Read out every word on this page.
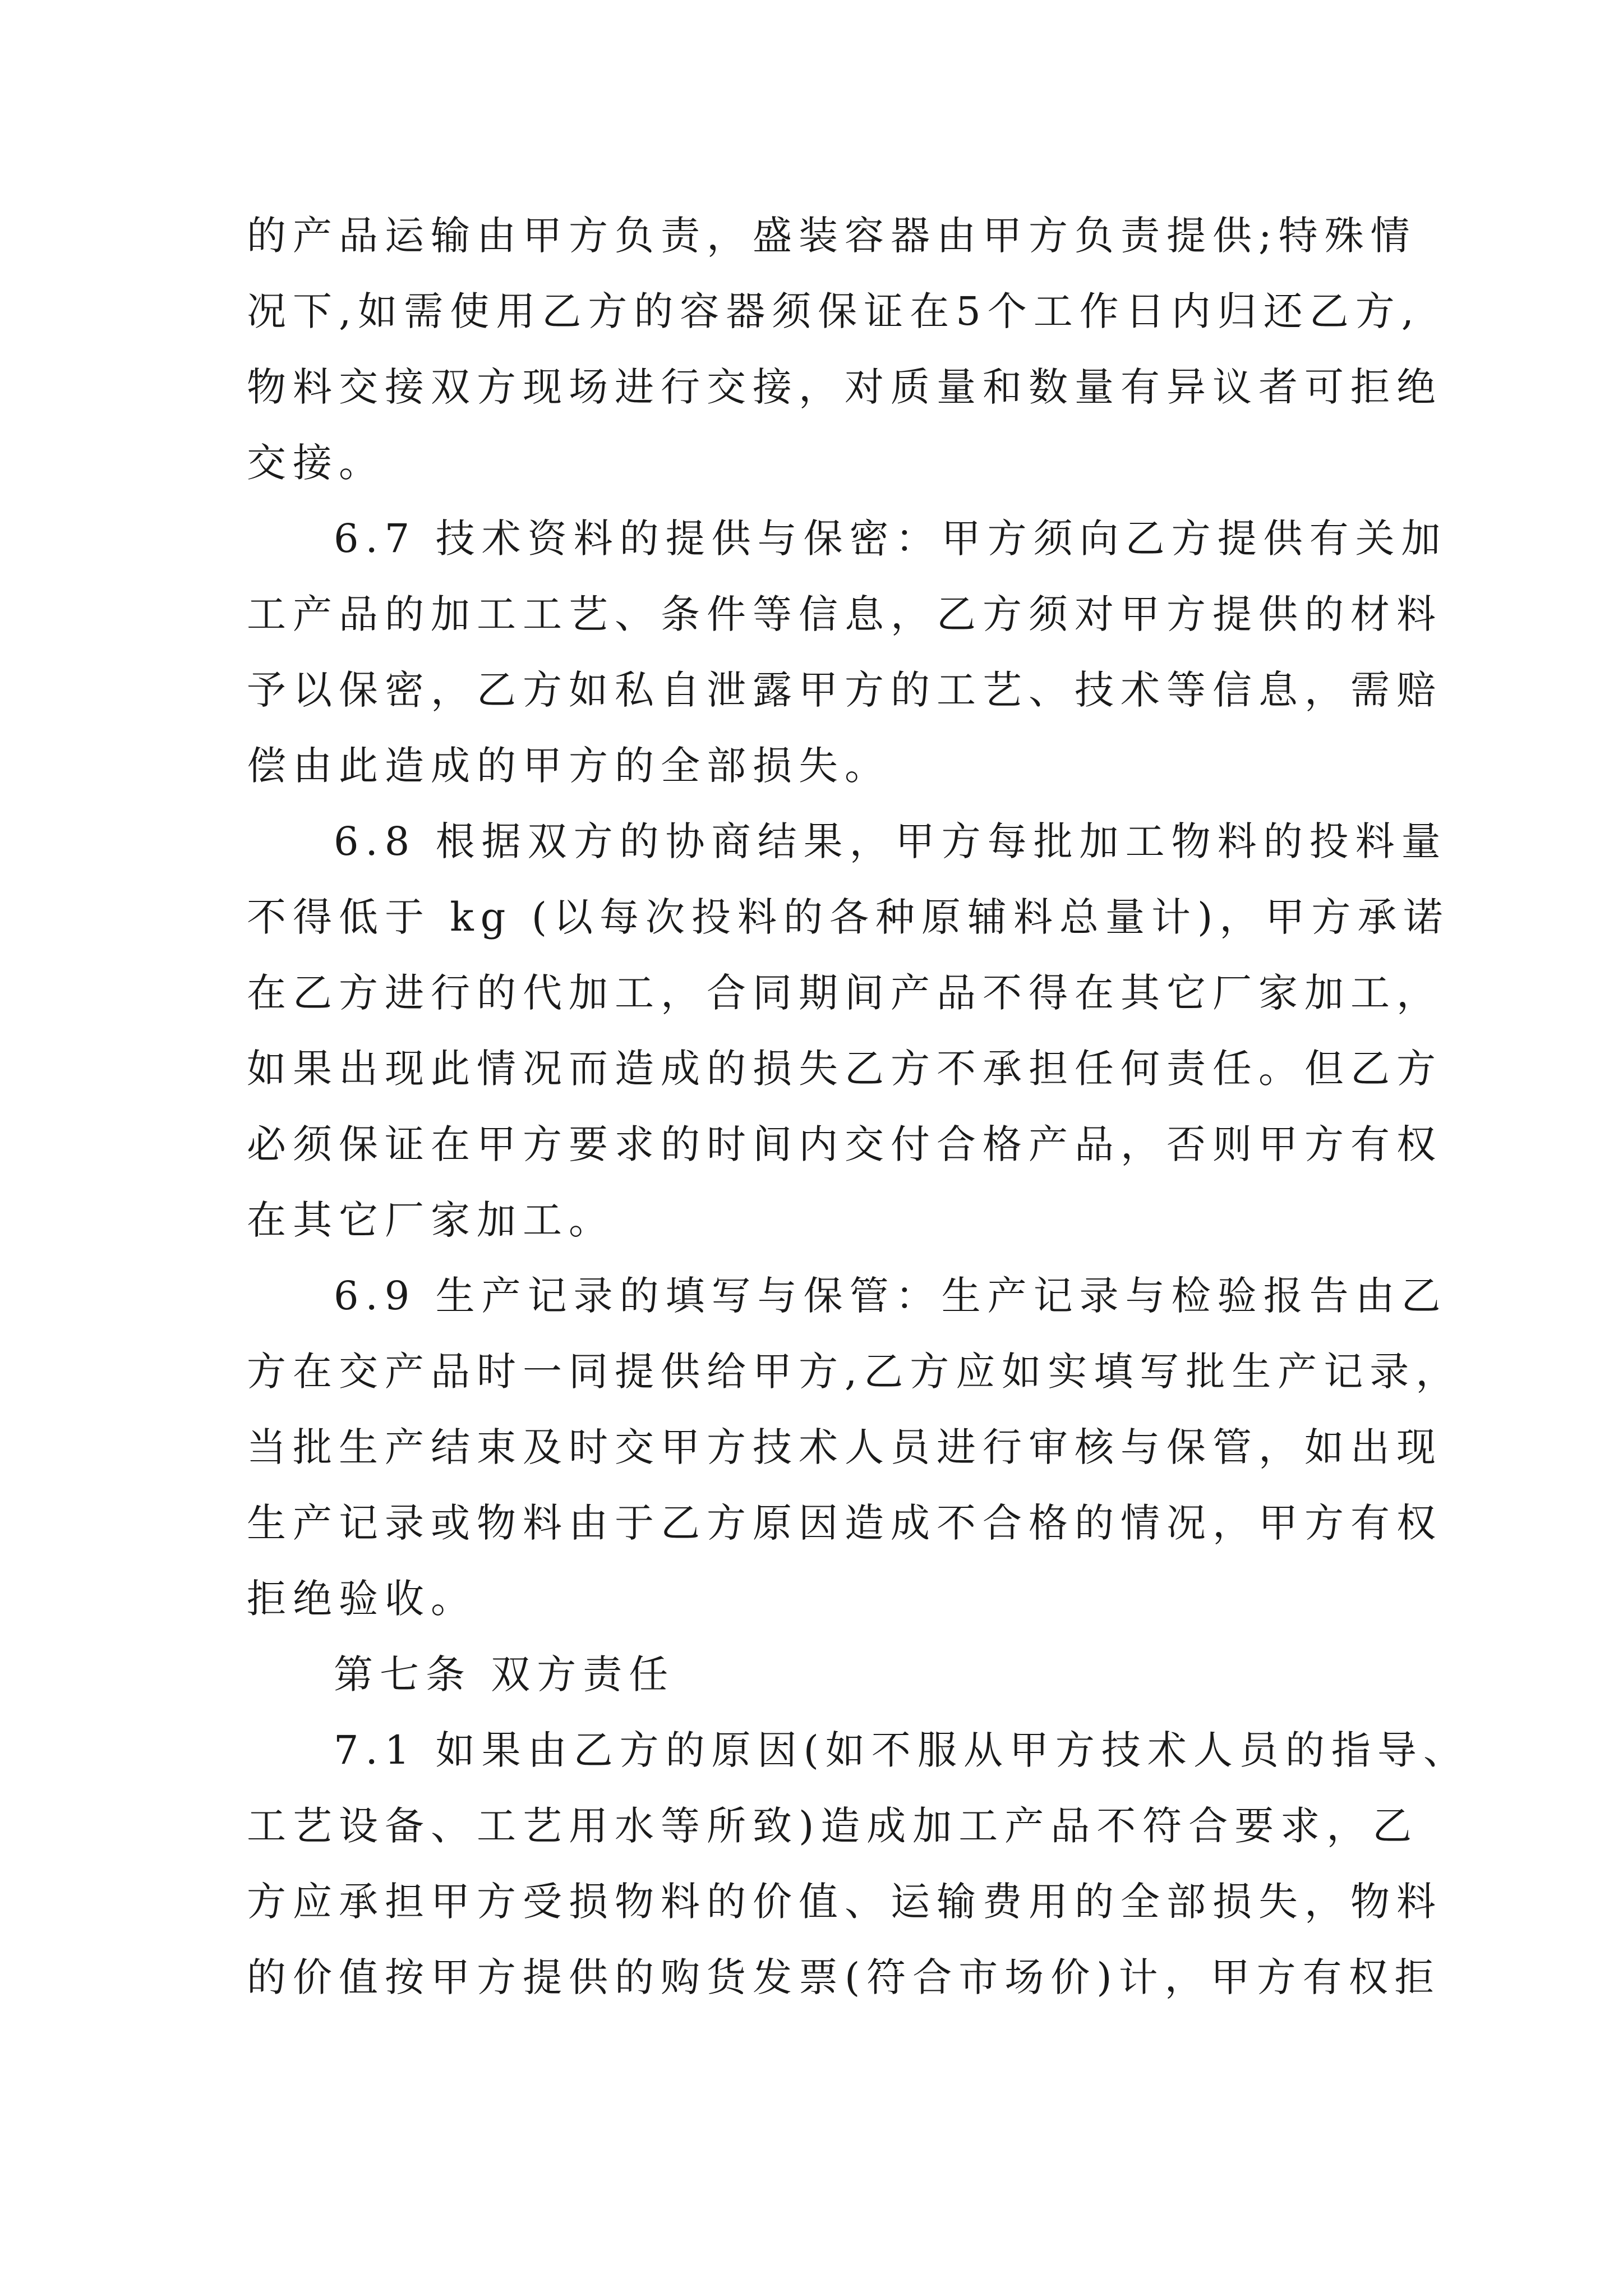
的产品运输由甲方负责，盛装容器由甲方负责提供;特殊情
况下,如需使用乙方的容器须保证在5个工作日内归还乙方,
物料交接双方现场进行交接，对质量和数量有异议者可拒绝
交接。
6.7 技术资料的提供与保密：甲方须向乙方提供有关加
工产品的加工工艺、条件等信息，乙方须对甲方提供的材料
予以保密，乙方如私自泄露甲方的工艺、技术等信息，需赔
偿由此造成的甲方的全部损失。
6.8 根据双方的协商结果，甲方每批加工物料的投料量
不得低于 kg (以每次投料的各种原辅料总量计)，甲方承诺
在乙方进行的代加工，合同期间产品不得在其它厂家加工，
如果出现此情况而造成的损失乙方不承担任何责任。但乙方
必须保证在甲方要求的时间内交付合格产品，否则甲方有权
在其它厂家加工。
6.9 生产记录的填写与保管：生产记录与检验报告由乙
方在交产品时一同提供给甲方,乙方应如实填写批生产记录，
当批生产结束及时交甲方技术人员进行审核与保管，如出现
生产记录或物料由于乙方原因造成不合格的情况，甲方有权
拒绝验收。
第七条 双方责任
7.1 如果由乙方的原因(如不服从甲方技术人员的指导、
工艺设备、工艺用水等所致)造成加工产品不符合要求，乙
方应承担甲方受损物料的价值、运输费用的全部损失，物料
的价值按甲方提供的购货发票(符合市场价)计，甲方有权拒
